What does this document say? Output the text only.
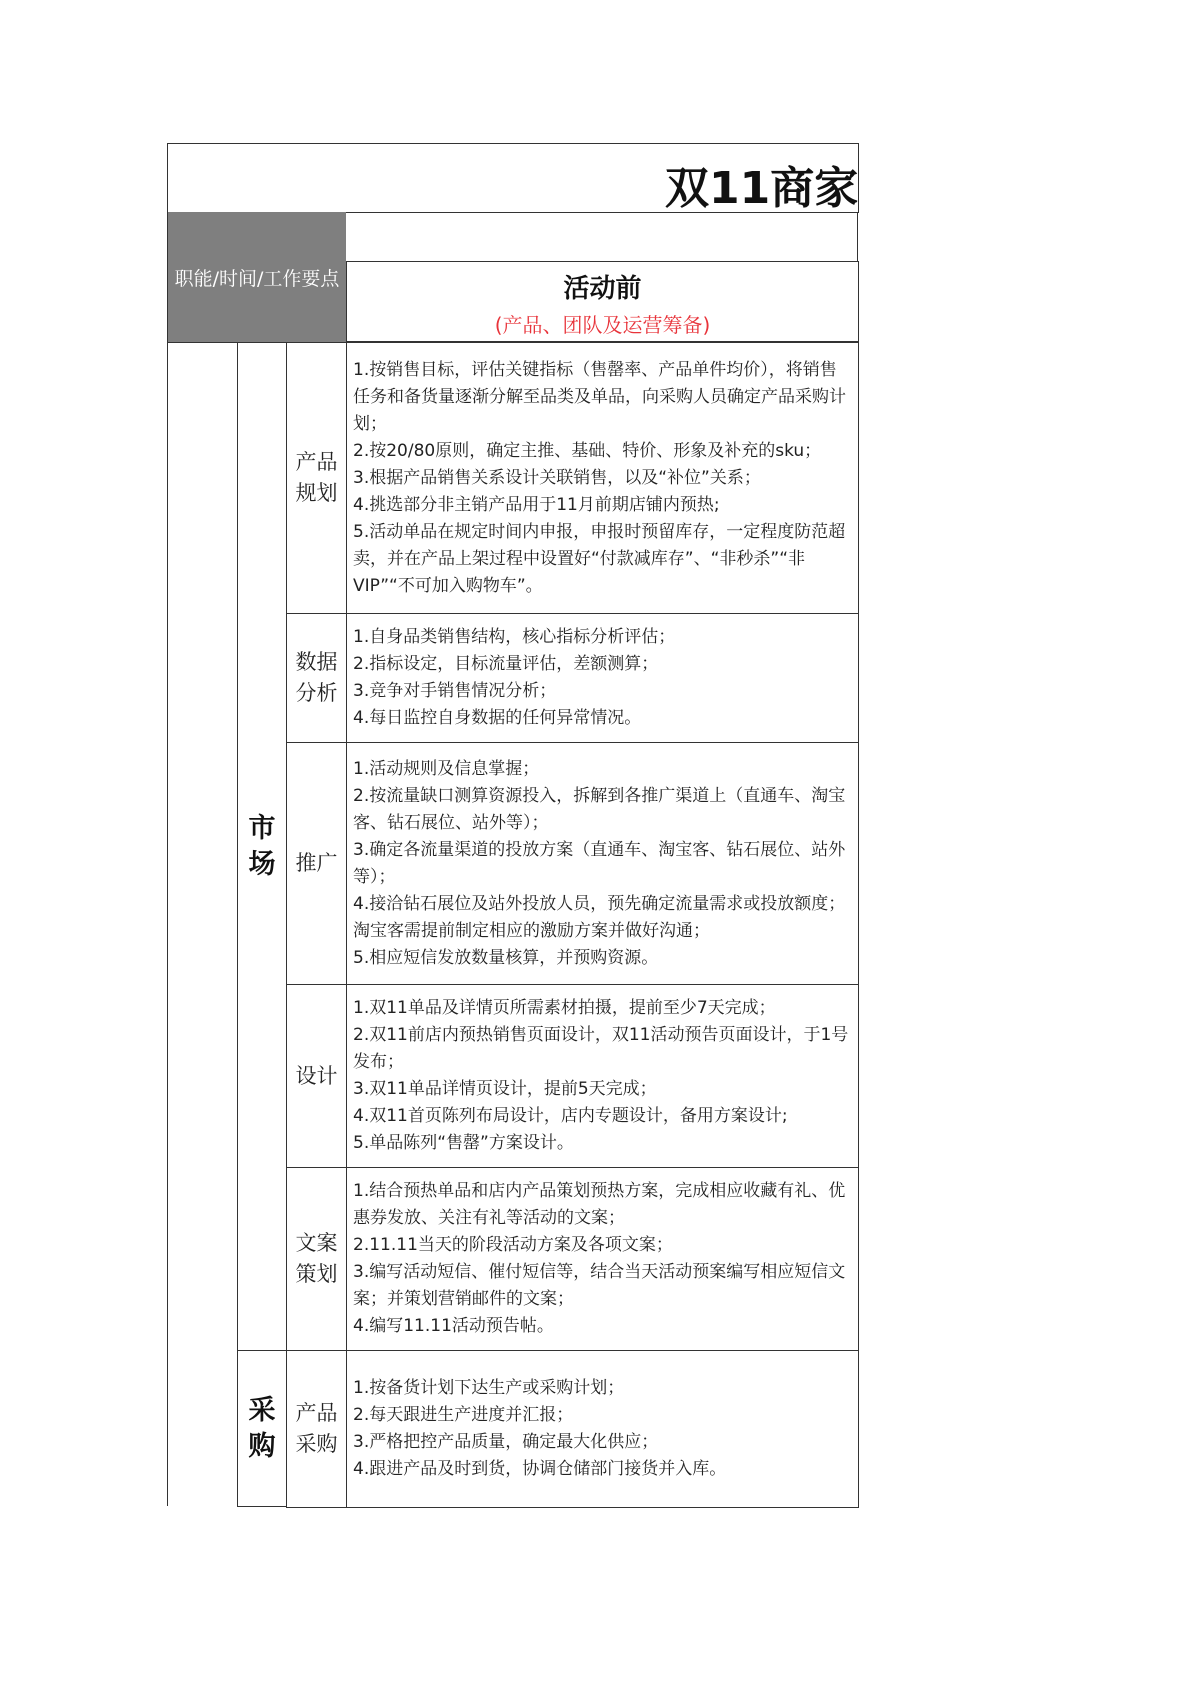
双11商家
职能/时间/工作要点	活动前
(产品、团队及运营筹备)
市场
采购
产品规划
1.按销售目标，评估关键指标（售罄率、产品单件均价），将销售任务和备货量逐渐分解至品类及单品，向采购人员确定产品采购计划；
2.按20/80原则，确定主推、基础、特价、形象及补充的sku；
3.根据产品销售关系设计关联销售，以及“补位”关系；
4.挑选部分非主销产品用于11月前期店铺内预热;
5.活动单品在规定时间内申报，申报时预留库存，一定程度防范超卖，并在产品上架过程中设置好“付款减库存”、“非秒杀”“非VIP”“不可加入购物车”。
数据分析
1.自身品类销售结构，核心指标分析评估；
2.指标设定，目标流量评估，差额测算；
3.竞争对手销售情况分析；
4.每日监控自身数据的任何异常情况。
推广
1.活动规则及信息掌握；
2.按流量缺口测算资源投入，拆解到各推广渠道上（直通车、淘宝客、钻石展位、站外等）；
3.确定各流量渠道的投放方案（直通车、淘宝客、钻石展位、站外等）；
4.接洽钻石展位及站外投放人员，预先确定流量需求或投放额度；淘宝客需提前制定相应的激励方案并做好沟通；
5.相应短信发放数量核算，并预购资源。
设计
1.双11单品及详情页所需素材拍摄，提前至少7天完成；
2.双11前店内预热销售页面设计，双11活动预告页面设计，于1号发布；
3.双11单品详情页设计，提前5天完成；
4.双11首页陈列布局设计，店内专题设计，备用方案设计;
5.单品陈列“售罄”方案设计。
文案策划
1.结合预热单品和店内产品策划预热方案，完成相应收藏有礼、优惠券发放、关注有礼等活动的文案；
2.11.11当天的阶段活动方案及各项文案；
3.编写活动短信、催付短信等，结合当天活动预案编写相应短信文案；并策划营销邮件的文案；
4.编写11.11活动预告帖。
产品采购
1.按备货计划下达生产或采购计划；
2.每天跟进生产进度并汇报；
3.严格把控产品质量，确定最大化供应；
4.跟进产品及时到货，协调仓储部门接货并入库。
